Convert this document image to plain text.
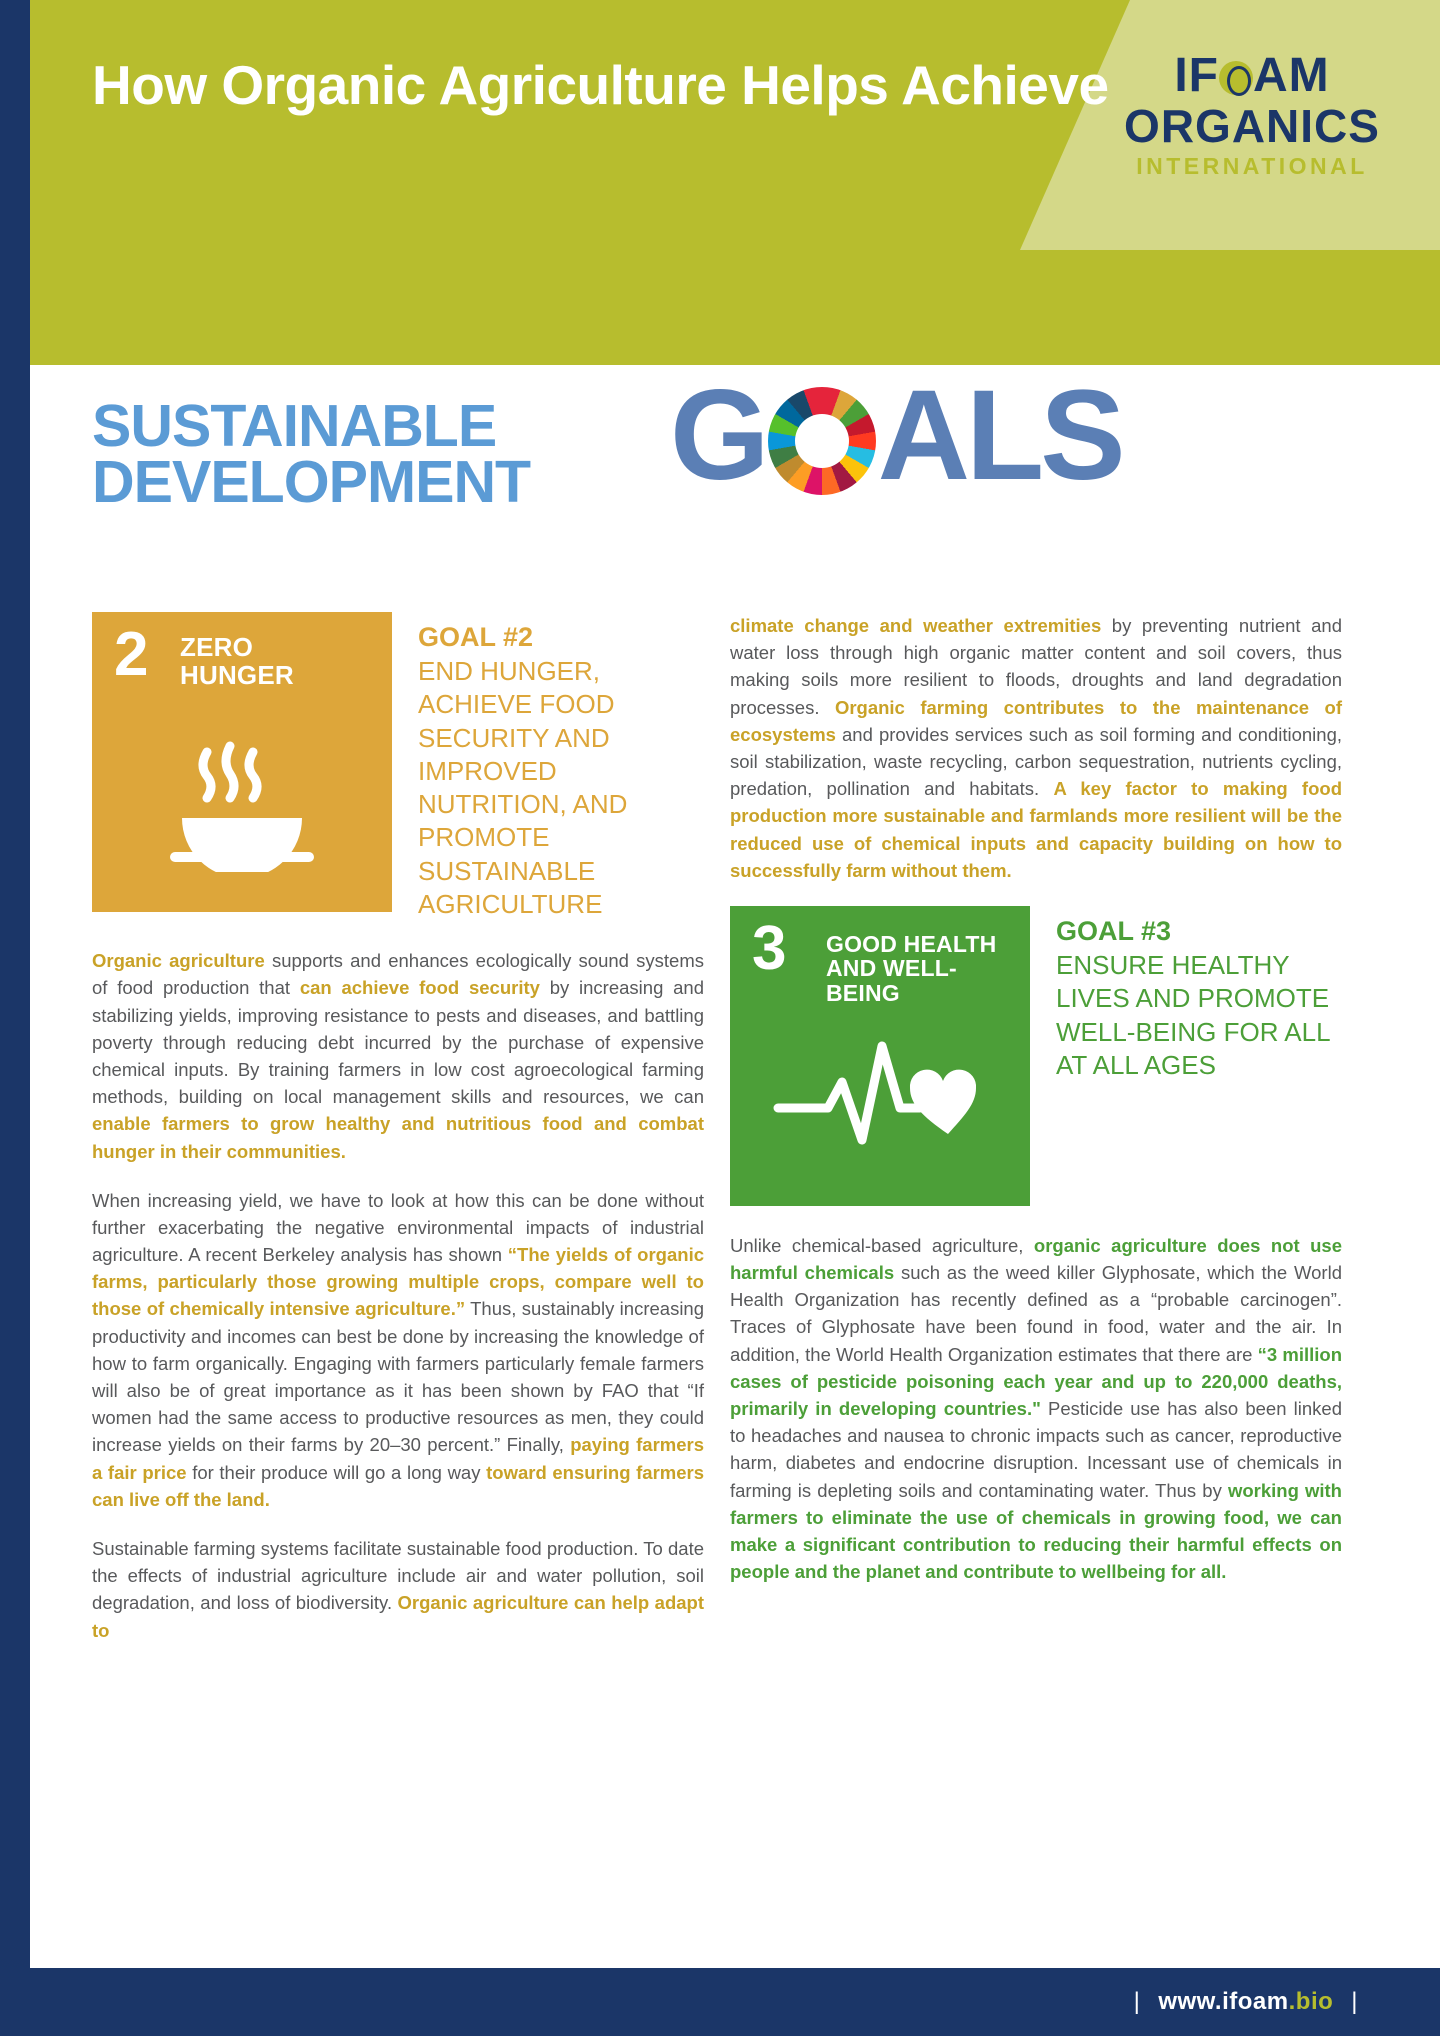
How Organic Agriculture Helps Achieve	IF AM
ORGANICS
INTERNATIONAL
SUSTAINABLE
DEVELOPMENT G ALS
2 ZERO
HUNGER
GOAL #2
END HUNGER, ACHIEVE FOOD SECURITY AND IMPROVED NUTRITION, AND PROMOTE SUSTAINABLE AGRICULTURE

Organic agriculture supports and enhances ecologically sound systems of food production that can achieve food security by increasing and stabilizing yields, improving resistance to pests and diseases, and battling poverty through reducing debt incurred by the purchase of expensive chemical inputs. By training farmers in low cost agroecological farming methods, building on local management skills and resources, we can enable farmers to grow healthy and nutritious food and combat hunger in their communities.

When increasing yield, we have to look at how this can be done without further exacerbating the negative environmental impacts of industrial agriculture. A recent Berkeley analysis has shown “The yields of organic farms, particularly those growing multiple crops, compare well to those of chemically intensive agriculture.” Thus, sustainably increasing productivity and incomes can best be done by increasing the knowledge of how to farm organically. Engaging with farmers particularly female farmers will also be of great importance as it has been shown by FAO that “If women had the same access to productive resources as men, they could increase yields on their farms by 20–30 percent.” Finally, paying farmers a fair price for their produce will go a long way toward ensuring farmers can live off the land.

Sustainable farming systems facilitate sustainable food production. To date the effects of industrial agriculture include air and water pollution, soil degradation, and loss of biodiversity. Organic agriculture can help adapt to

climate change and weather extremities by preventing nutrient and water loss through high organic matter content and soil covers, thus making soils more resilient to floods, droughts and land degradation processes. Organic farming contributes to the maintenance of ecosystems and provides services such as soil forming and conditioning, soil stabilization, waste recycling, carbon sequestration, nutrients cycling, predation, pollination and habitats. A key factor to making food production more sustainable and farmlands more resilient will be the reduced use of chemical inputs and capacity building on how to successfully farm without them.

3 GOOD HEALTH
AND WELL-BEING
GOAL #3
ENSURE HEALTHY LIVES AND PROMOTE WELL-BEING FOR ALL AT ALL AGES

Unlike chemical-based agriculture, organic agriculture does not use harmful chemicals such as the weed killer Glyphosate, which the World Health Organization has recently defined as a “probable carcinogen”. Traces of Glyphosate have been found in food, water and the air. In addition, the World Health Organization estimates that there are “3 million cases of pesticide poisoning each year and up to 220,000 deaths, primarily in developing countries." Pesticide use has also been linked to headaches and nausea to chronic impacts such as cancer, reproductive harm, diabetes and endocrine disruption. Incessant use of chemicals in farming is depleting soils and contaminating water. Thus by working with farmers to eliminate the use of chemicals in growing food, we can make a significant contribution to reducing their harmful effects on people and the planet and contribute to wellbeing for all.

| www.ifoam.bio |
